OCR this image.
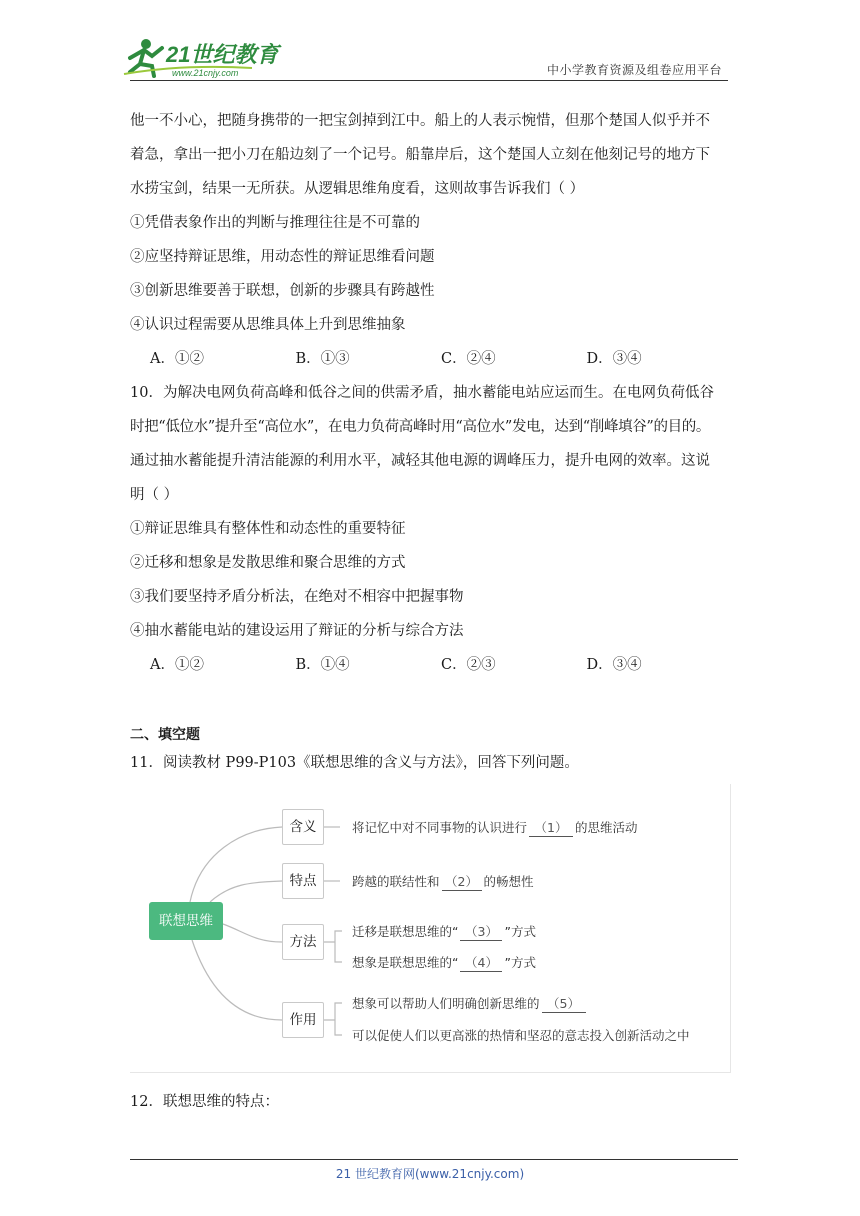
21世纪教育
www.21cnjy.com	中小学教育资源及组卷应用平台
他一不小心，把随身携带的一把宝剑掉到江中。船上的人表示惋惜，但那个楚国人似乎并不
着急，拿出一把小刀在船边刻了一个记号。船靠岸后，这个楚国人立刻在他刻记号的地方下
水捞宝剑，结果一无所获。从逻辑思维角度看，这则故事告诉我们（ ）
①凭借表象作出的判断与推理往往是不可靠的
②应坚持辩证思维，用动态性的辩证思维看问题
③创新思维要善于联想，创新的步骤具有跨越性
④认识过程需要从思维具体上升到思维抽象
A．①②	B．①③	C．②④	D．③④
10．为解决电网负荷高峰和低谷之间的供需矛盾，抽水蓄能电站应运而生。在电网负荷低谷
时把“低位水”提升至“高位水”，在电力负荷高峰时用“高位水”发电，达到“削峰填谷”的目的。
通过抽水蓄能提升清洁能源的利用水平，减轻其他电源的调峰压力，提升电网的效率。这说
明（ ）
①辩证思维具有整体性和动态性的重要特征
②迁移和想象是发散思维和聚合思维的方式
③我们要坚持矛盾分析法，在绝对不相容中把握事物
④抽水蓄能电站的建设运用了辩证的分析与综合方法
A．①②	B．①④	C．②③	D．③④
二、填空题
11．阅读教材 P99-P103《联想思维的含义与方法》，回答下列问题。
联想思维
含义
特点
方法
作用
将记忆中对不同事物的认识进行 （1） 的思维活动
跨越的联结性和 （2） 的畅想性
迁移是联想思维的“ （3） ”方式
想象是联想思维的“ （4） ”方式
想象可以帮助人们明确创新思维的 （5）
可以促使人们以更高涨的热情和坚忍的意志投入创新活动之中
12．联想思维的特点：
21 世纪教育网(www.21cnjy.com)
